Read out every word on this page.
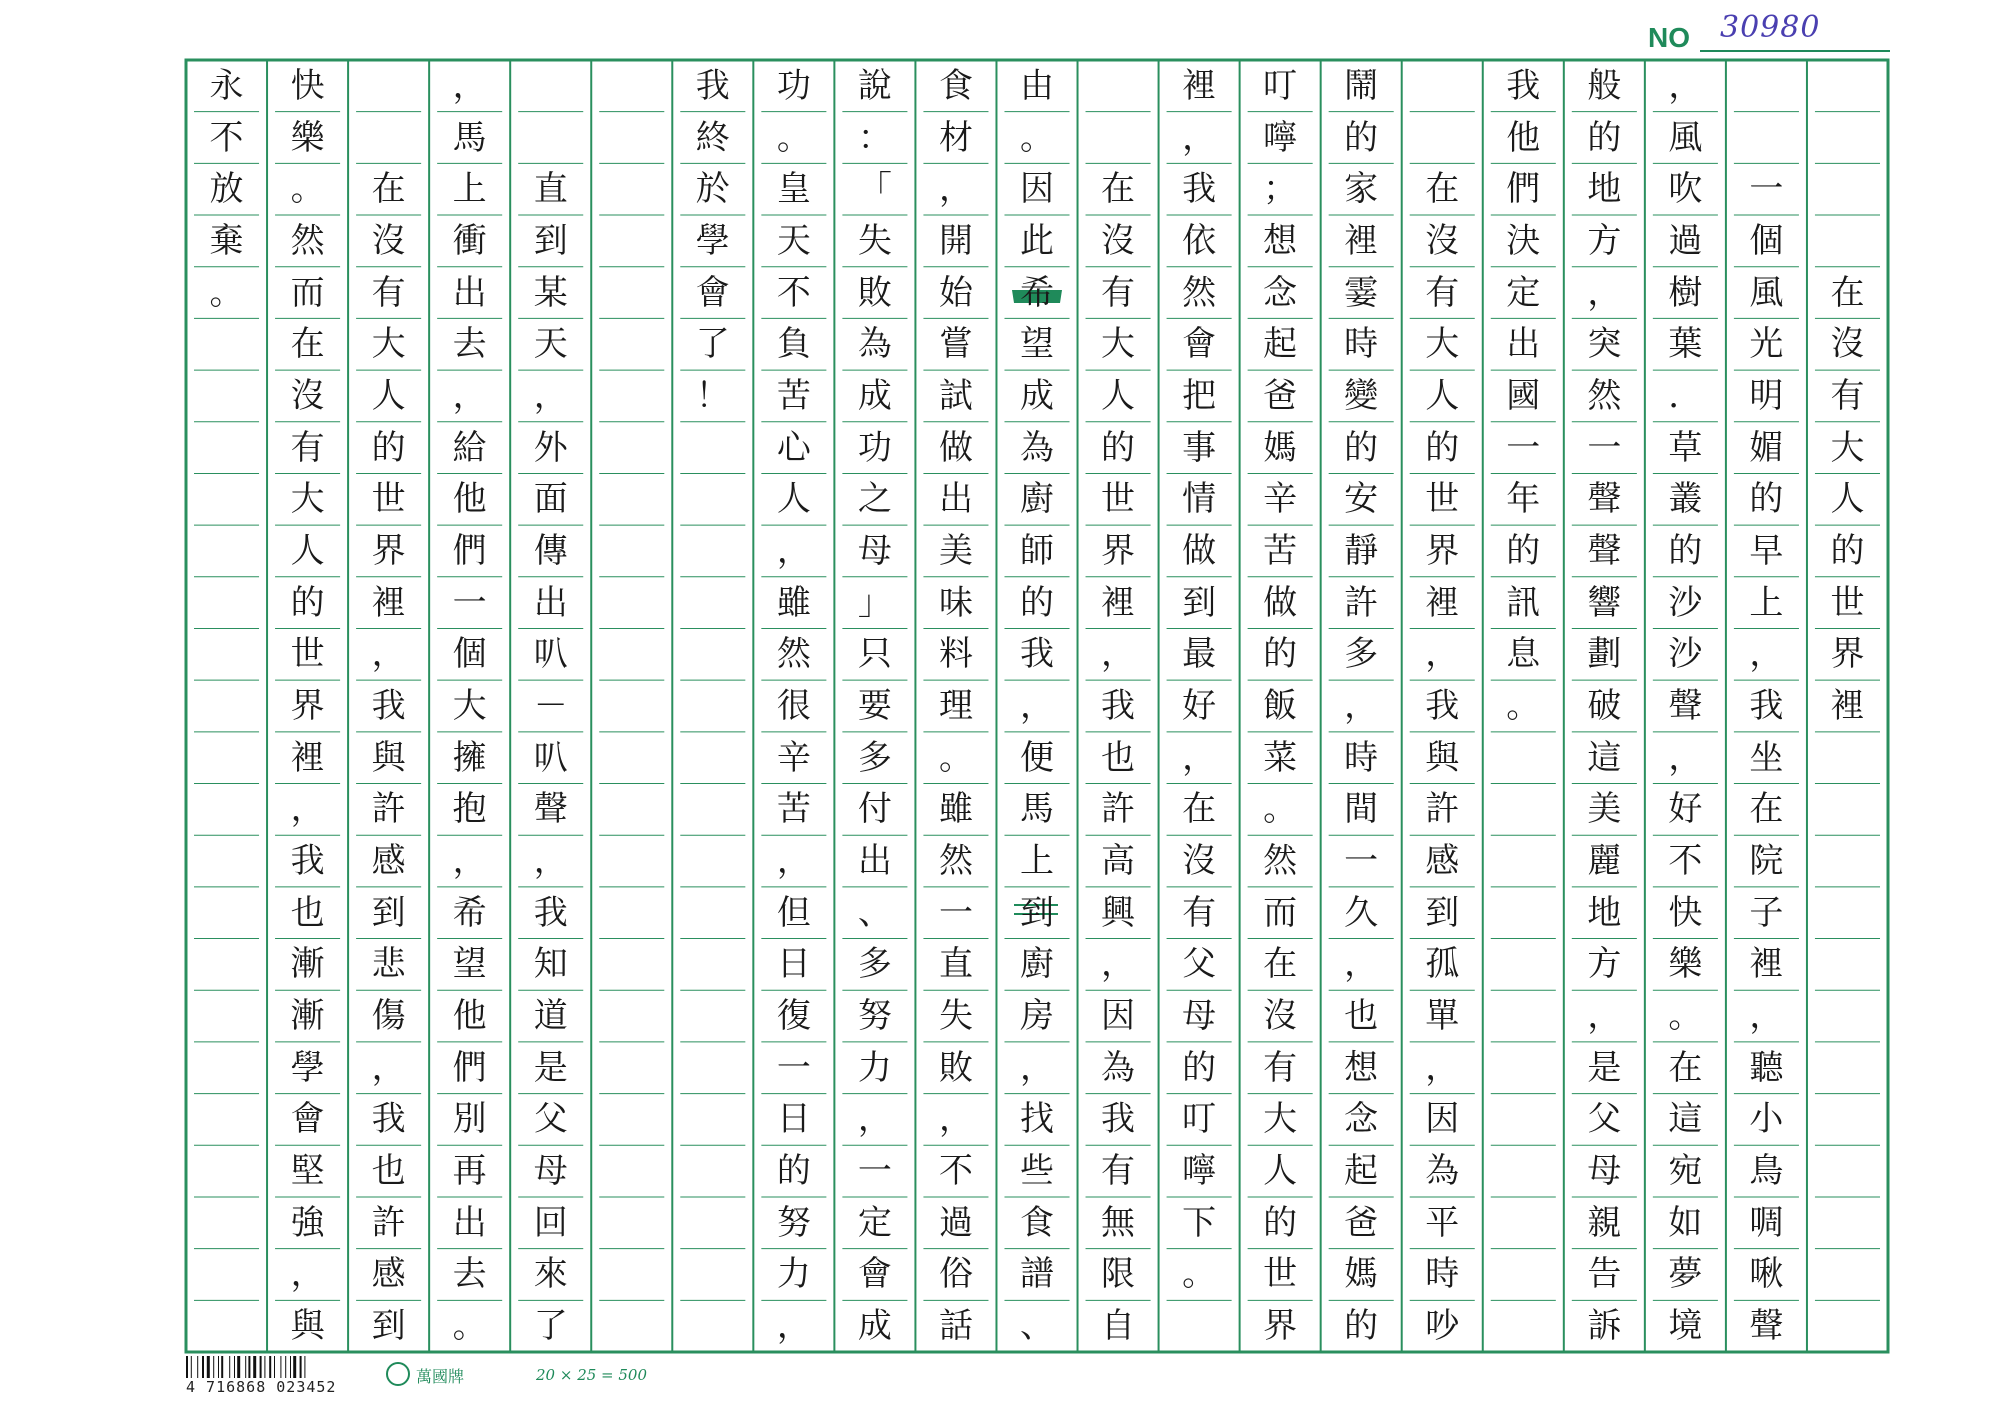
NO 30980
在
沒
有
大
人
的
世
界
裡
一
個
風
光
明
媚
的
早
上
，
我
坐
在
院
子
裡
，
聽
小
鳥
啁
啾
聲
，
風
吹
過
樹
葉
．
草
叢
的
沙
沙
聲
，
好
不
快
樂
。
在
這
宛
如
夢
境
般
的
地
方
，
突
然
一
聲
聲
響
劃
破
這
美
麗
地
方
，
是
父
母
親
告
訴
我
他
們
決
定
出
國
一
年
的
訊
息
。
在
沒
有
大
人
的
世
界
裡
，
我
與
許
感
到
孤
單
，
因
為
平
時
吵
鬧
的
家
裡
霎
時
變
的
安
靜
許
多
，
時
間
一
久
，
也
想
念
起
爸
媽
的
叮
嚀
；
想
念
起
爸
媽
辛
苦
做
的
飯
菜
。
然
而
在
沒
有
大
人
的
世
界
裡
，
我
依
然
會
把
事
情
做
到
最
好
，
在
沒
有
父
母
的
叮
嚀
下
。
在
沒
有
大
人
的
世
界
裡
，
我
也
許
高
興
，
因
為
我
有
無
限
自
由
。
因
此
希
望
成
為
廚
師
的
我
，
便
馬
上
到
廚
房
，
找
些
食
譜
、
食
材
，
開
始
嘗
試
做
出
美
味
料
理
。
雖
然
一
直
失
敗
，
不
過
俗
話
說
：
「
失
敗
為
成
功
之
母
」
只
要
多
付
出
、
多
努
力
，
一
定
會
成
功
。
皇
天
不
負
苦
心
人
，
雖
然
很
辛
苦
，
但
日
復
一
日
的
努
力
，
我
終
於
學
會
了
！
直
到
某
天
，
外
面
傳
出
叭
－
叭
聲
，
我
知
道
是
父
母
回
來
了
，
馬
上
衝
出
去
，
給
他
們
一
個
大
擁
抱
，
希
望
他
們
別
再
出
去
。
在
沒
有
大
人
的
世
界
裡
，
我
與
許
感
到
悲
傷
，
我
也
許
感
到
快
樂
。
然
而
在
沒
有
大
人
的
世
界
裡
，
我
也
漸
漸
學
會
堅
強
，
與
永
不
放
棄
。
4 716868 023452
萬國牌	20 × 25 = 500
